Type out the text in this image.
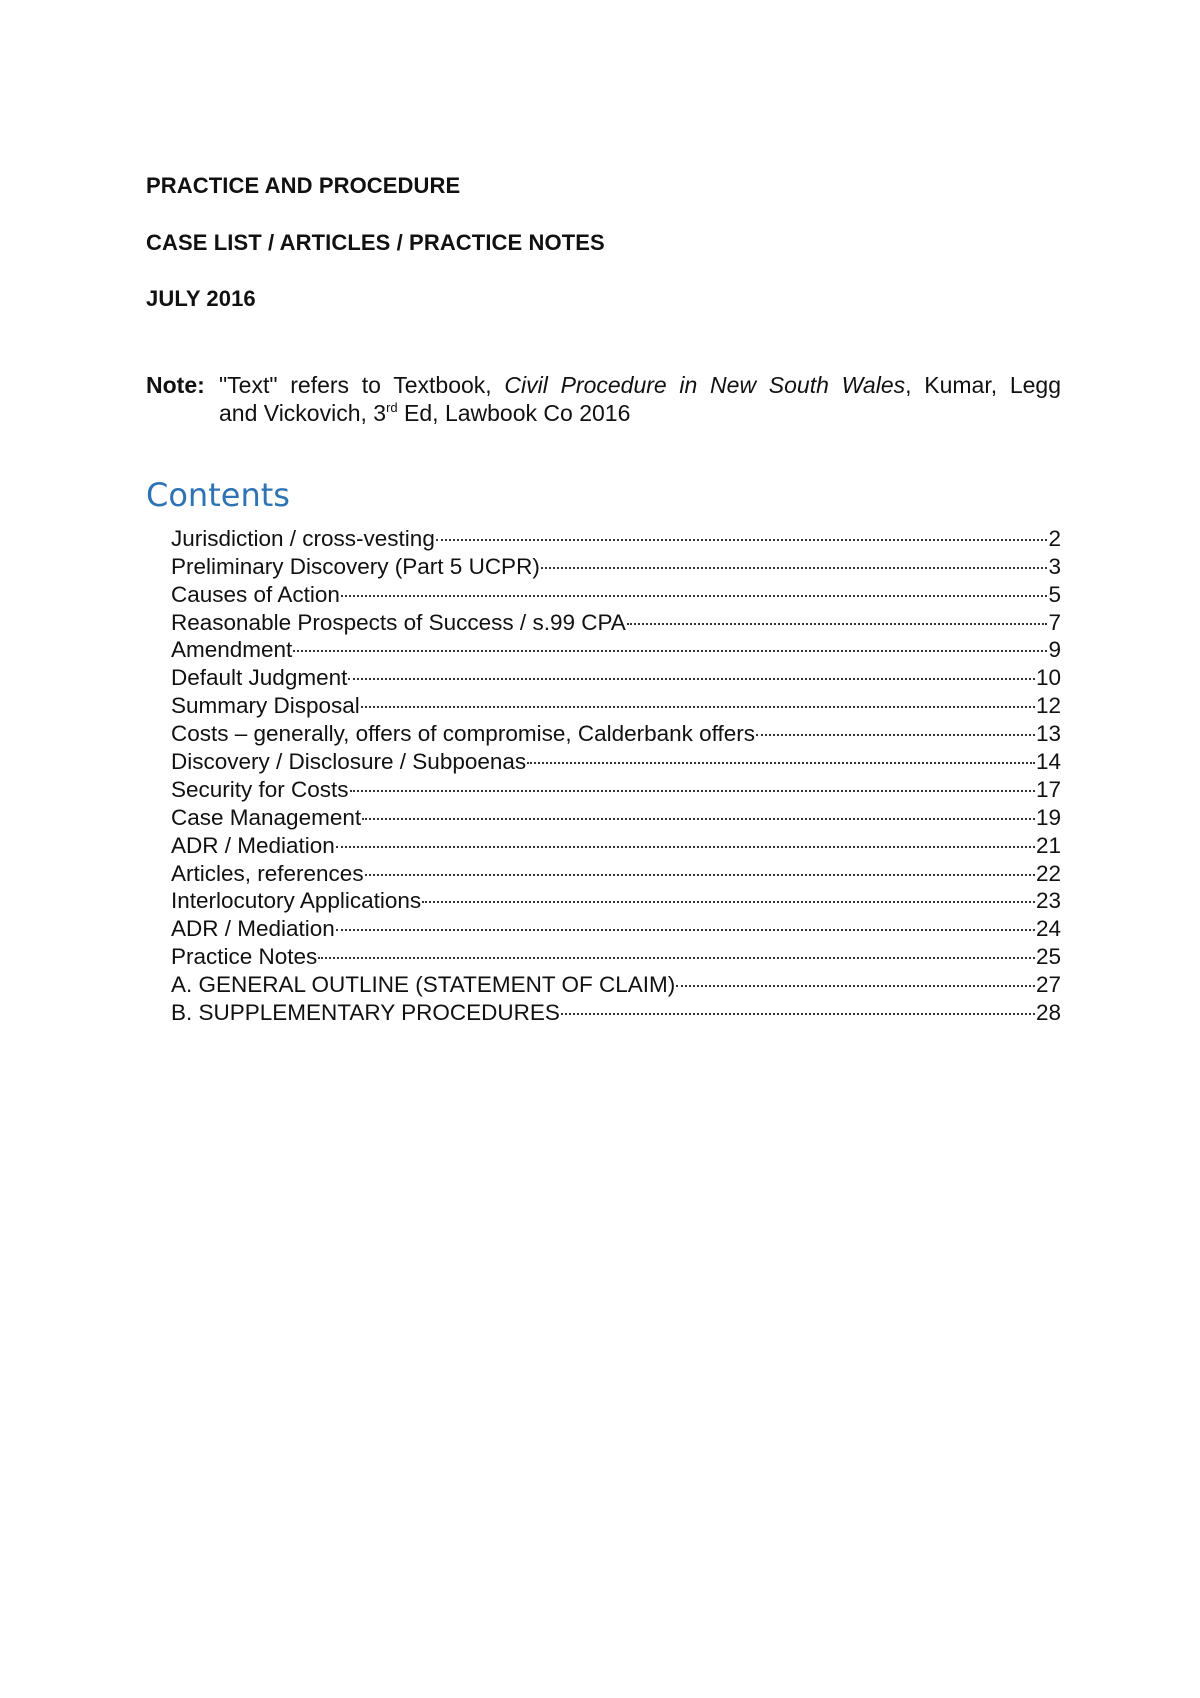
PRACTICE AND PROCEDURE
CASE LIST / ARTICLES / PRACTICE NOTES
JULY 2016
Note: "Text" refers to Textbook, Civil Procedure in New South Wales, Kumar, Legg
and Vickovich, 3rd Ed, Lawbook Co 2016
Contents
Jurisdiction / cross-vesting	2
Preliminary Discovery (Part 5 UCPR)	3
Causes of Action	5
Reasonable Prospects of Success / s.99 CPA	7
Amendment	9
Default Judgment	10
Summary Disposal	12
Costs – generally, offers of compromise, Calderbank offers	13
Discovery / Disclosure / Subpoenas	14
Security for Costs	17
Case Management	19
ADR / Mediation	21
Articles, references	22
Interlocutory Applications	23
ADR / Mediation	24
Practice Notes	25
A. GENERAL OUTLINE (STATEMENT OF CLAIM)	27
B. SUPPLEMENTARY PROCEDURES	28
